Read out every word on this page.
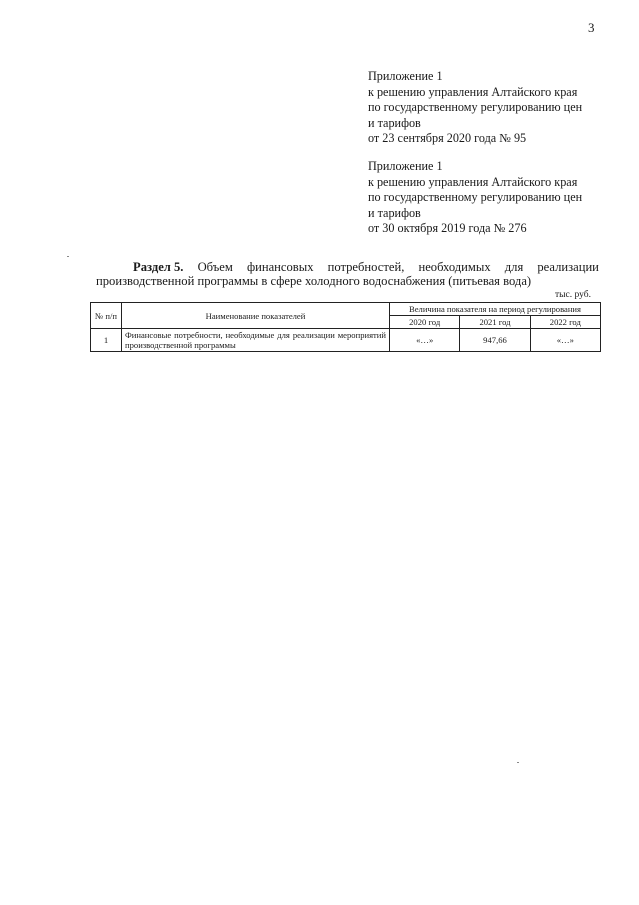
3
Приложение 1
к решению управления Алтайского края
по государственному регулированию цен
и тарифов
от 23 сентября 2020 года № 95
Приложение 1
к решению управления Алтайского края
по государственному регулированию цен
и тарифов
от 30 октября 2019 года № 276
Раздел 5. Объем финансовых потребностей, необходимых для реализации
производственной программы в сфере холодного водоснабжения (питьевая вода)
тыс. руб.
№ п/п	Наименование показателей	Величина показателя на период регулирования		
		2020 год	2021 год	2022 год
1	Финансовые потребности, необходимые для реализации мероприятий производственной программы	«…»	947,66	«…»
